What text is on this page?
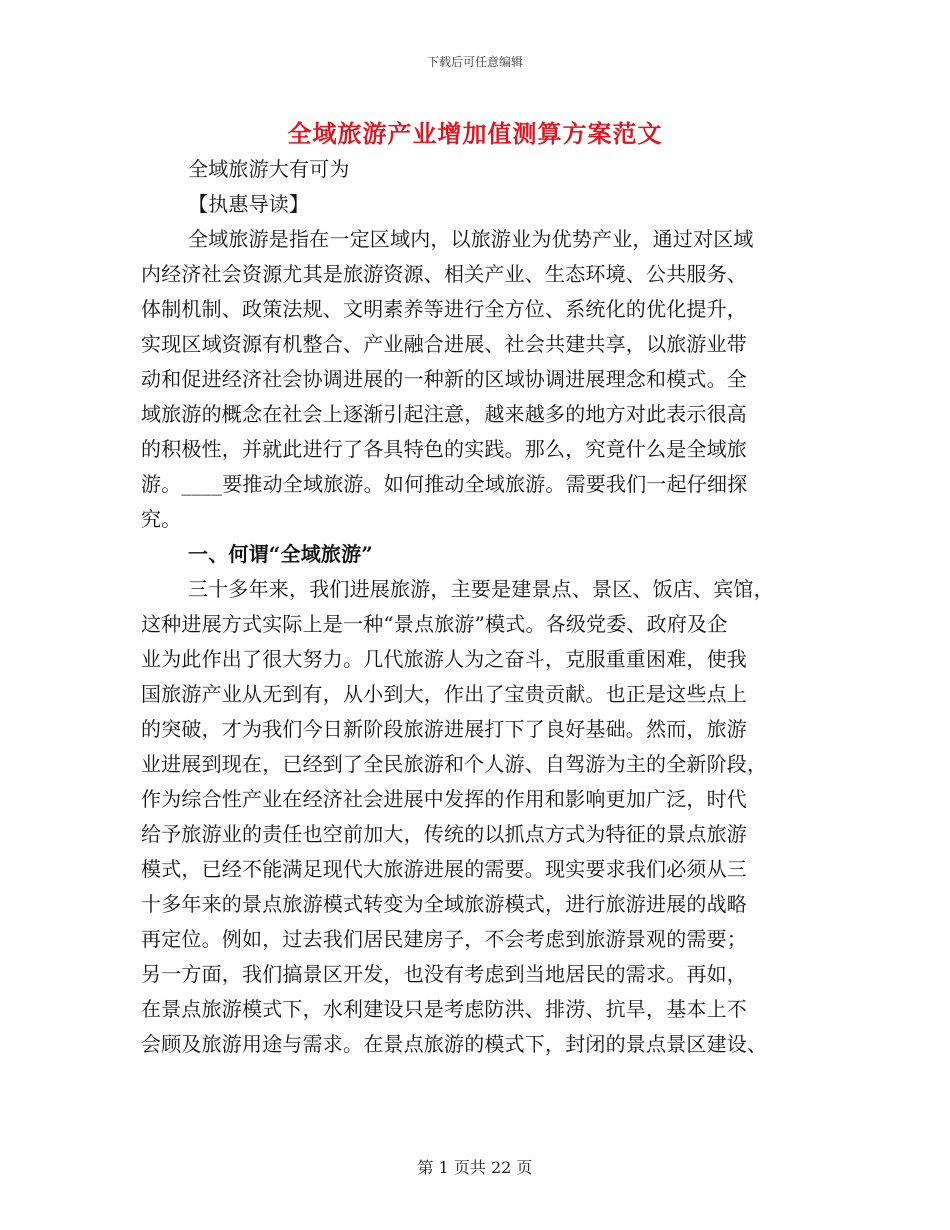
下载后可任意编辑
全域旅游产业增加值测算方案范文
全域旅游大有可为
【执惠导读】
全域旅游是指在一定区域内，以旅游业为优势产业，通过对区域
内经济社会资源尤其是旅游资源、相关产业、生态环境、公共服务、
体制机制、政策法规、文明素养等进行全方位、系统化的优化提升，
实现区域资源有机整合、产业融合进展、社会共建共享，以旅游业带
动和促进经济社会协调进展的一种新的区域协调进展理念和模式。全
域旅游的概念在社会上逐渐引起注意，越来越多的地方对此表示很高
的积极性，并就此进行了各具特色的实践。那么，究竟什么是全域旅
游。____要推动全域旅游。如何推动全域旅游。需要我们一起仔细探
究。
一、何谓“全域旅游”
三十多年来，我们进展旅游，主要是建景点、景区、饭店、宾馆，
这种进展方式实际上是一种“景点旅游”模式。各级党委、政府及企
业为此作出了很大努力。几代旅游人为之奋斗，克服重重困难，使我
国旅游产业从无到有，从小到大，作出了宝贵贡献。也正是这些点上
的突破，才为我们今日新阶段旅游进展打下了良好基础。然而，旅游
业进展到现在，已经到了全民旅游和个人游、自驾游为主的全新阶段，
作为综合性产业在经济社会进展中发挥的作用和影响更加广泛，时代
给予旅游业的责任也空前加大，传统的以抓点方式为特征的景点旅游
模式，已经不能满足现代大旅游进展的需要。现实要求我们必须从三
十多年来的景点旅游模式转变为全域旅游模式，进行旅游进展的战略
再定位。例如，过去我们居民建房子，不会考虑到旅游景观的需要；
另一方面，我们搞景区开发，也没有考虑到当地居民的需求。再如，
在景点旅游模式下，水利建设只是考虑防洪、排涝、抗旱，基本上不
会顾及旅游用途与需求。在景点旅游的模式下，封闭的景点景区建设、
第 1 页共 22 页
